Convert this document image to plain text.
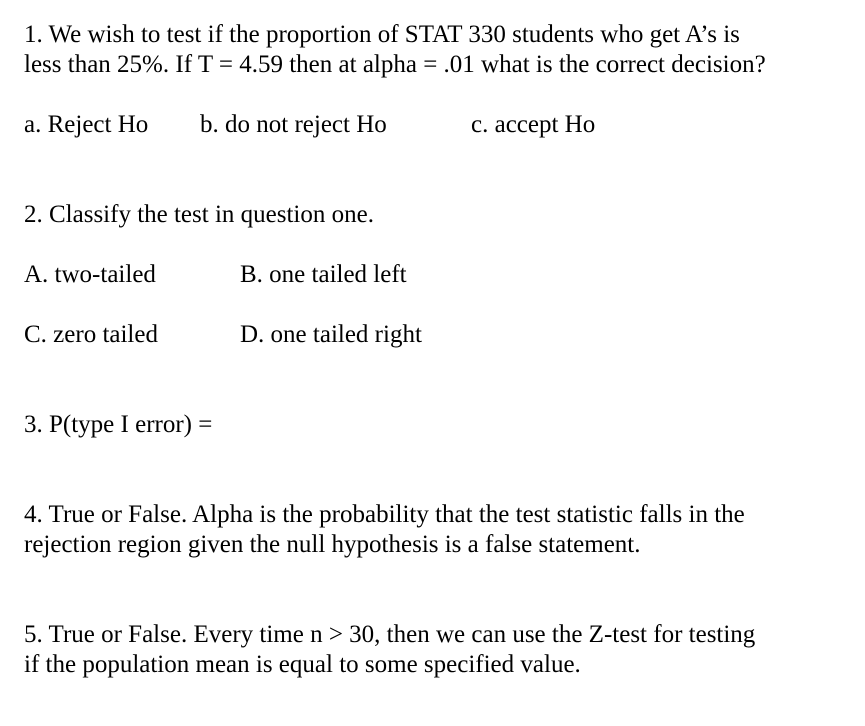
1. We wish to test if the proportion of STAT 330 students who get A’s is
less than 25%. If T = 4.59 then at alpha = .01 what is the correct decision?
a. Reject Ho b. do not reject Ho	c. accept Ho
2. Classify the test in question one.
A. two-tailed	B. one tailed left
C. zero tailed	D. one tailed right
3. P(type I error) =
4. True or False. Alpha is the probability that the test statistic falls in the
rejection region given the null hypothesis is a false statement.
5. True or False. Every time n > 30, then we can use the Z-test for testing
if the population mean is equal to some specified value.
